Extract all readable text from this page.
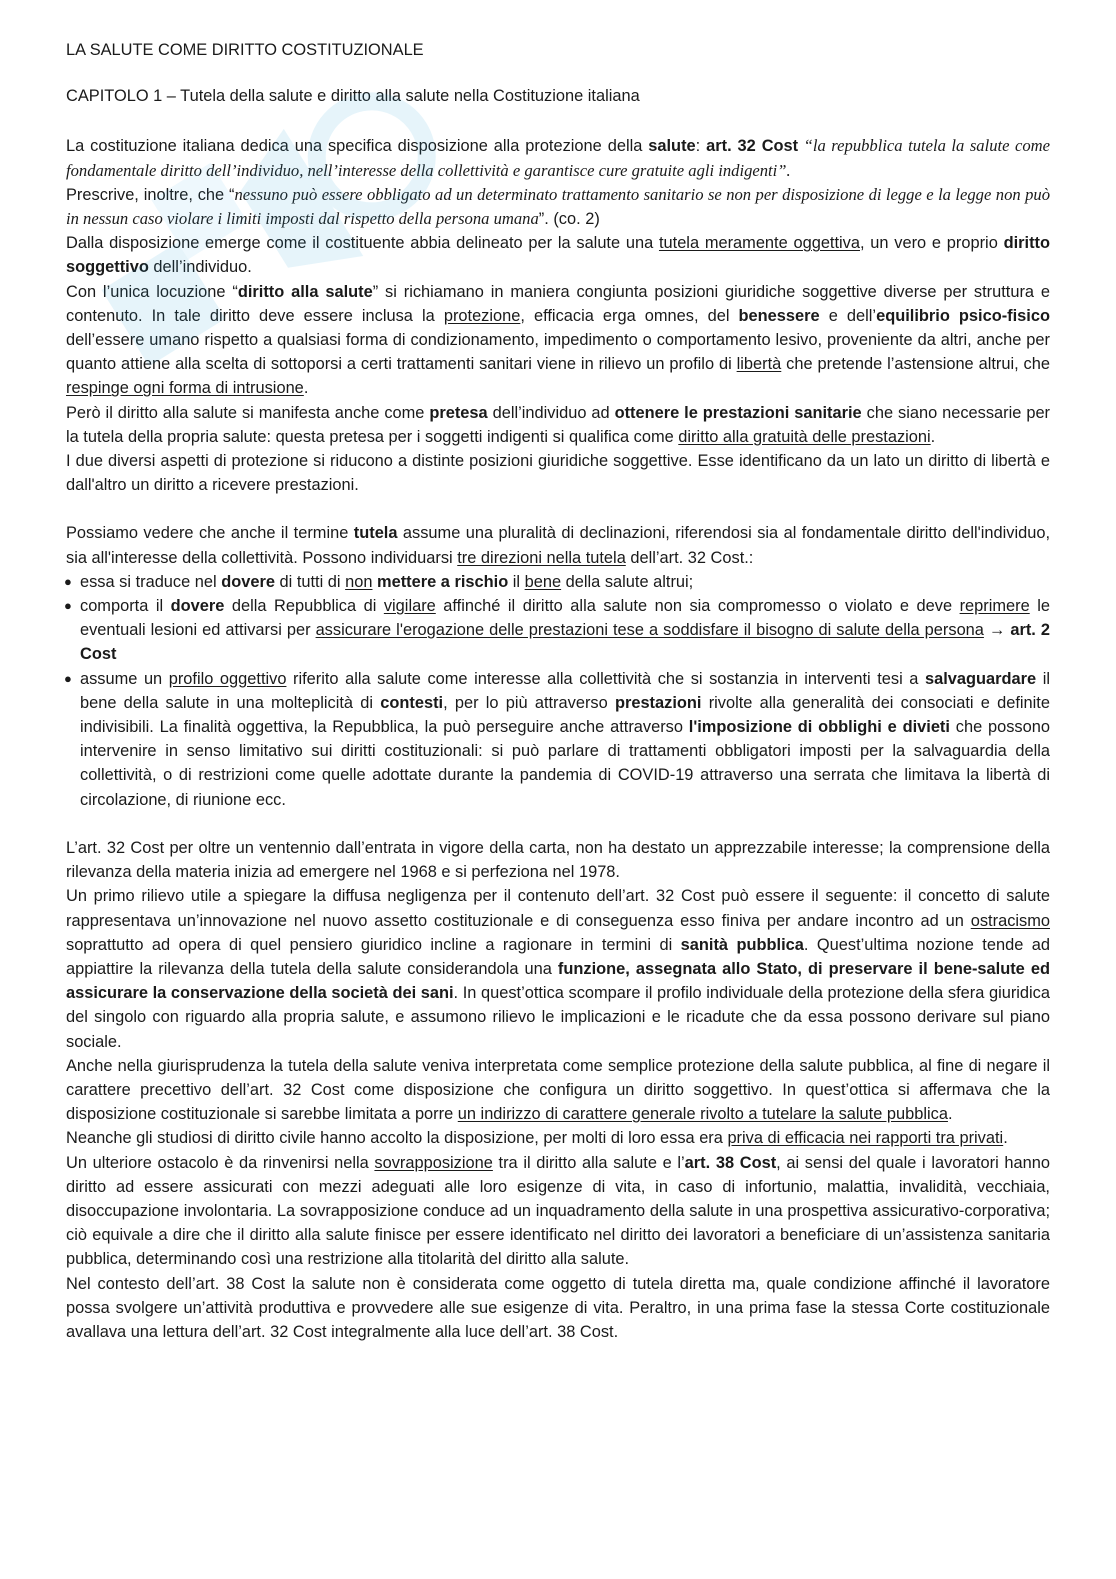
LA SALUTE COME DIRITTO COSTITUZIONALE
CAPITOLO 1 – Tutela della salute e diritto alla salute nella Costituzione italiana

La costituzione italiana dedica una specifica disposizione alla protezione della salute: art. 32 Cost “la repubblica tutela la salute come fondamentale diritto dell’individuo, nell’interesse della collettività e garantisce cure gratuite agli indigenti”.

Prescrive, inoltre, che “nessuno può essere obbligato ad un determinato trattamento sanitario se non per disposizione di legge e la legge non può in nessun caso violare i limiti imposti dal rispetto della persona umana”. (co. 2)

Dalla disposizione emerge come il costituente abbia delineato per la salute una tutela meramente oggettiva, un vero e proprio diritto soggettivo dell’individuo.

Con l’unica locuzione “diritto alla salute” si richiamano in maniera congiunta posizioni giuridiche soggettive diverse per struttura e contenuto. In tale diritto deve essere inclusa la protezione, efficacia erga omnes, del benessere e dell’equilibrio psico-fisico dell’essere umano rispetto a qualsiasi forma di condizionamento, impedimento o comportamento lesivo, proveniente da altri, anche per quanto attiene alla scelta di sottoporsi a certi trattamenti sanitari viene in rilievo un profilo di libertà che pretende l’astensione altrui, che respinge ogni forma di intrusione.

Però il diritto alla salute si manifesta anche come pretesa dell’individuo ad ottenere le prestazioni sanitarie che siano necessarie per la tutela della propria salute: questa pretesa per i soggetti indigenti si qualifica come diritto alla gratuità delle prestazioni.

I due diversi aspetti di protezione si riducono a distinte posizioni giuridiche soggettive. Esse identificano da un lato un diritto di libertà e dall'altro un diritto a ricevere prestazioni.

Possiamo vedere che anche il termine tutela assume una pluralità di declinazioni, riferendosi sia al fondamentale diritto dell'individuo, sia all'interesse della collettività. Possono individuarsi tre direzioni nella tutela dell’art. 32 Cost.:

● essa si traduce nel dovere di tutti di non mettere a rischio il bene della salute altrui;
● comporta il dovere della Repubblica di vigilare affinché il diritto alla salute non sia compromesso o violato e deve reprimere le eventuali lesioni ed attivarsi per assicurare l'erogazione delle prestazioni tese a soddisfare il bisogno di salute della persona → art. 2 Cost
● assume un profilo oggettivo riferito alla salute come interesse alla collettività che si sostanzia in interventi tesi a salvaguardare il bene della salute in una molteplicità di contesti, per lo più attraverso prestazioni rivolte alla generalità dei consociati e definite indivisibili. La finalità oggettiva, la Repubblica, la può perseguire anche attraverso l'imposizione di obblighi e divieti che possono intervenire in senso limitativo sui diritti costituzionali: si può parlare di trattamenti obbligatori imposti per la salvaguardia della collettività, o di restrizioni come quelle adottate durante la pandemia di COVID-19 attraverso una serrata che limitava la libertà di circolazione, di riunione ecc.

L’art. 32 Cost per oltre un ventennio dall’entrata in vigore della carta, non ha destato un apprezzabile interesse; la comprensione della rilevanza della materia inizia ad emergere nel 1968 e si perfeziona nel 1978.

Un primo rilievo utile a spiegare la diffusa negligenza per il contenuto dell’art. 32 Cost può essere il seguente: il concetto di salute rappresentava un’innovazione nel nuovo assetto costituzionale e di conseguenza esso finiva per andare incontro ad un ostracismo soprattutto ad opera di quel pensiero giuridico incline a ragionare in termini di sanità pubblica. Quest’ultima nozione tende ad appiattire la rilevanza della tutela della salute considerandola una funzione, assegnata allo Stato, di preservare il bene-salute ed assicurare la conservazione della società dei sani. In quest’ottica scompare il profilo individuale della protezione della sfera giuridica del singolo con riguardo alla propria salute, e assumono rilievo le implicazioni e le ricadute che da essa possono derivare sul piano sociale.

Anche nella giurisprudenza la tutela della salute veniva interpretata come semplice protezione della salute pubblica, al fine di negare il carattere precettivo dell’art. 32 Cost come disposizione che configura un diritto soggettivo. In quest’ottica si affermava che la disposizione costituzionale si sarebbe limitata a porre un indirizzo di carattere generale rivolto a tutelare la salute pubblica.

Neanche gli studiosi di diritto civile hanno accolto la disposizione, per molti di loro essa era priva di efficacia nei rapporti tra privati.

Un ulteriore ostacolo è da rinvenirsi nella sovrapposizione tra il diritto alla salute e l’art. 38 Cost, ai sensi del quale i lavoratori hanno diritto ad essere assicurati con mezzi adeguati alle loro esigenze di vita, in caso di infortunio, malattia, invalidità, vecchiaia, disoccupazione involontaria. La sovrapposizione conduce ad un inquadramento della salute in una prospettiva assicurativo-corporativa; ciò equivale a dire che il diritto alla salute finisce per essere identificato nel diritto dei lavoratori a beneficiare di un’assistenza sanitaria pubblica, determinando così una restrizione alla titolarità del diritto alla salute.

Nel contesto dell’art. 38 Cost la salute non è considerata come oggetto di tutela diretta ma, quale condizione affinché il lavoratore possa svolgere un’attività produttiva e provvedere alle sue esigenze di vita. Peraltro, in una prima fase la stessa Corte costituzionale avallava una lettura dell’art. 32 Cost integralmente alla luce dell’art. 38 Cost.
